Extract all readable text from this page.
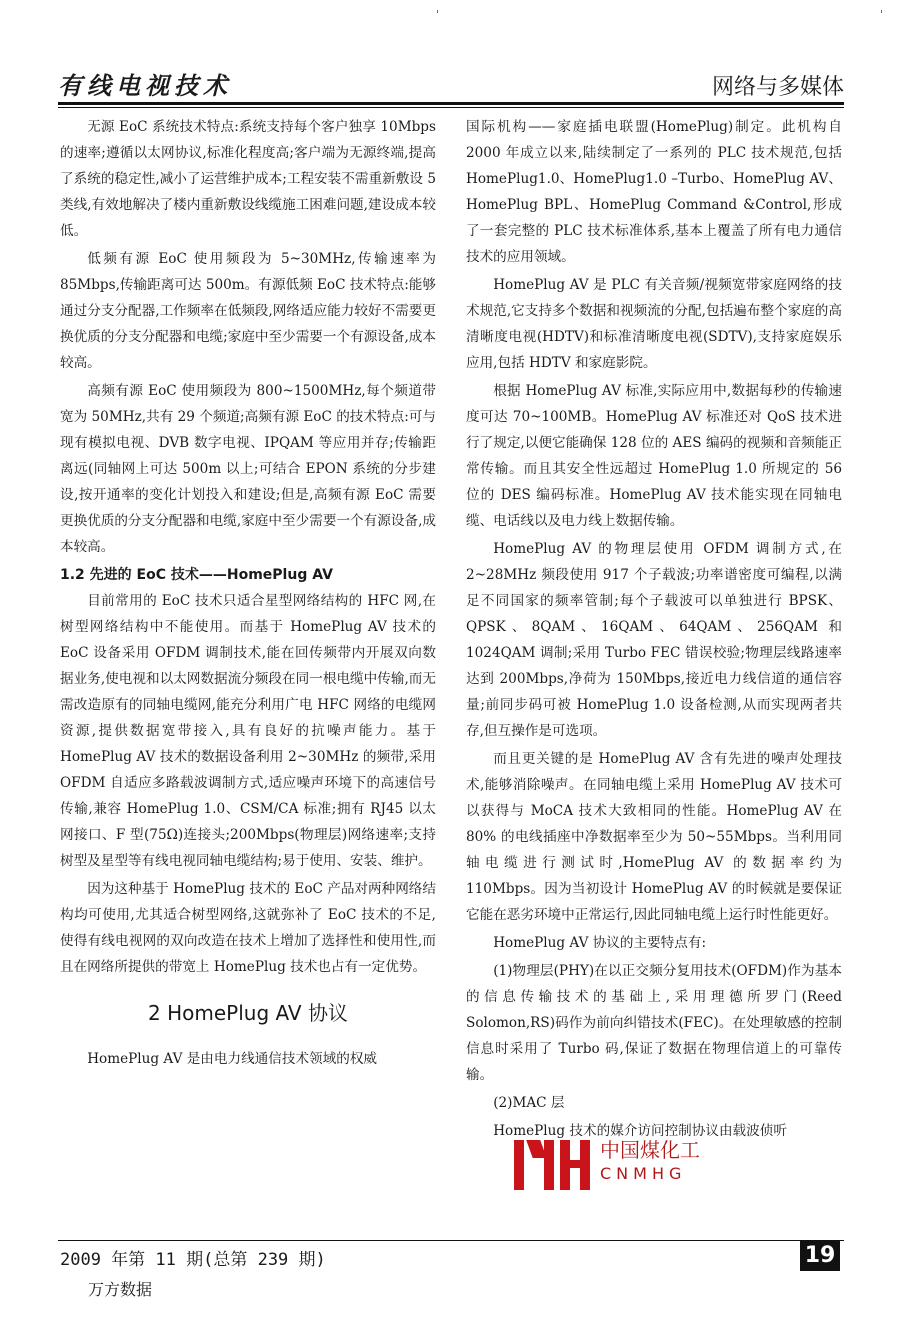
'	'
有线电视技术	网络与多媒体

无源 EoC 系统技术特点:系统支持每个客户独享 10Mbps 的速率;遵循以太网协议,标准化程度高;客户端为无源终端,提高了系统的稳定性,减小了运营维护成本;工程安装不需重新敷设 5 类线,有效地解决了楼内重新敷设线缆施工困难问题,建设成本较低。

低频有源 EoC 使用频段为 5~30MHz,传输速率为 85Mbps,传输距离可达 500m。有源低频 EoC 技术特点:能够通过分支分配器,工作频率在低频段,网络适应能力较好不需要更换优质的分支分配器和电缆;家庭中至少需要一个有源设备,成本较高。

高频有源 EoC 使用频段为 800~1500MHz,每个频道带宽为 50MHz,共有 29 个频道;高频有源 EoC 的技术特点:可与现有模拟电视、DVB 数字电视、IPQAM 等应用并存;传输距离远(同轴网上可达 500m 以上;可结合 EPON 系统的分步建设,按开通率的变化计划投入和建设;但是,高频有源 EoC 需要更换优质的分支分配器和电缆,家庭中至少需要一个有源设备,成本较高。

1.2 先进的 EoC 技术——HomePlug AV

目前常用的 EoC 技术只适合星型网络结构的 HFC 网,在树型网络结构中不能使用。而基于 HomePlug AV 技术的 EoC 设备采用 OFDM 调制技术,能在回传频带内开展双向数据业务,使电视和以太网数据流分频段在同一根电缆中传输,而无需改造原有的同轴电缆网,能充分利用广电 HFC 网络的电缆网资源,提供数据宽带接入,具有良好的抗噪声能力。基于 HomePlug AV 技术的数据设备利用 2~30MHz 的频带,采用 OFDM 自适应多路载波调制方式,适应噪声环境下的高速信号传输,兼容 HomePlug 1.0、CSM/CA 标准;拥有 RJ45 以太网接口、F 型(75Ω)连接头;200Mbps(物理层)网络速率;支持树型及星型等有线电视同轴电缆结构;易于使用、安装、维护。

因为这种基于 HomePlug 技术的 EoC 产品对两种网络结构均可使用,尤其适合树型网络,这就弥补了 EoC 技术的不足,使得有线电视网的双向改造在技术上增加了选择性和使用性,而且在网络所提供的带宽上 HomePlug 技术也占有一定优势。

2 HomePlug AV 协议

HomePlug AV 是由电力线通信技术领域的权威

国际机构——家庭插电联盟(HomePlug)制定。此机构自 2000 年成立以来,陆续制定了一系列的 PLC 技术规范,包括 HomePlug1.0、HomePlug1.0 –Turbo、HomePlug AV、HomePlug BPL、HomePlug Command &Control,形成了一套完整的 PLC 技术标准体系,基本上覆盖了所有电力通信技术的应用领域。

HomePlug AV 是 PLC 有关音频/视频宽带家庭网络的技术规范,它支持多个数据和视频流的分配,包括遍布整个家庭的高清晰度电视(HDTV)和标准清晰度电视(SDTV),支持家庭娱乐应用,包括 HDTV 和家庭影院。

根据 HomePlug AV 标准,实际应用中,数据每秒的传输速度可达 70~100MB。HomePlug AV 标准还对 QoS 技术进行了规定,以便它能确保 128 位的 AES 编码的视频和音频能正常传输。而且其安全性远超过 HomePlug 1.0 所规定的 56 位的 DES 编码标准。HomePlug AV 技术能实现在同轴电缆、电话线以及电力线上数据传输。

HomePlug AV 的物理层使用 OFDM 调制方式,在 2~28MHz 频段使用 917 个子载波;功率谱密度可编程,以满足不同国家的频率管制;每个子载波可以单独进行 BPSK、QPSK、8QAM、16QAM、64QAM、256QAM 和 1024QAM 调制;采用 Turbo FEC 错误校验;物理层线路速率达到 200Mbps,净荷为 150Mbps,接近电力线信道的通信容量;前同步码可被 HomePlug 1.0 设备检测,从而实现两者共存,但互操作是可选项。

而且更关键的是 HomePlug AV 含有先进的噪声处理技术,能够消除噪声。在同轴电缆上采用 HomePlug AV 技术可以获得与 MoCA 技术大致相同的性能。HomePlug AV 在 80% 的电线插座中净数据率至少为 50~55Mbps。当利用同轴电缆进行测试时,HomePlug AV 的数据率约为 110Mbps。因为当初设计 HomePlug AV 的时候就是要保证它能在恶劣环境中正常运行,因此同轴电缆上运行时性能更好。

HomePlug AV 协议的主要特点有:

(1)物理层(PHY)在以正交频分复用技术(OFDM)作为基本的信息传输技术的基础上,采用理德所罗门(Reed Solomon,RS)码作为前向纠错技术(FEC)。在处理敏感的控制信息时采用了 Turbo 码,保证了数据在物理信道上的可靠传输。

(2)MAC 层

HomePlug 技术的媒介访问控制协议由载波侦听

中国煤化工
CNMHG
2009 年第 11 期(总第 239 期)
万方数据
19
